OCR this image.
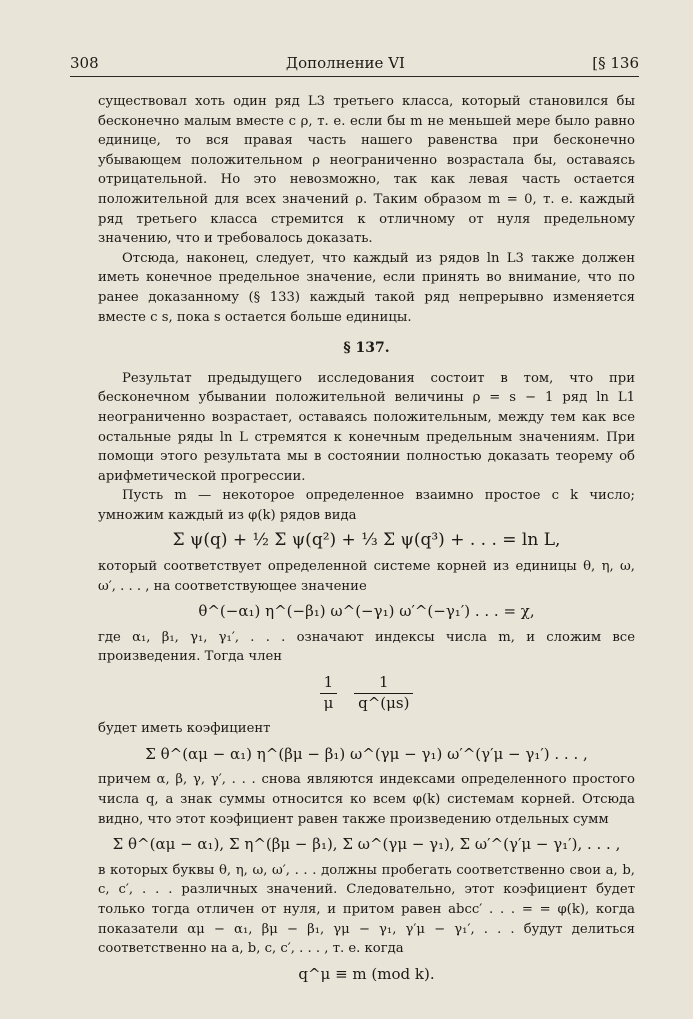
308	Дополнение VI	[§ 136

существовал хоть один ряд L3 третьего класса, который становился бы бесконечно малым вместе с ρ, т. е. если бы m не меньшей мере было равно единице, то вся правая часть нашего равенства при бесконечно убывающем положительном ρ неограниченно возрастала бы, оставаясь отрицательной. Но это невозможно, так как левая часть остается положительной для всех значений ρ. Таким образом m = 0, т. е. каждый ряд третьего класса стремится к отличному от нуля предельному значению, что и требовалось доказать.

Отсюда, наконец, следует, что каждый из рядов ln L3 также должен иметь конечное предельное значение, если принять во внимание, что по ранее доказанному (§ 133) каждый такой ряд непрерывно изменяется вместе с s, пока s остается больше единицы.

§ 137.

Результат предыдущего исследования состоит в том, что при бесконечном убывании положительной величины ρ = s − 1 ряд ln L1 неограниченно возрастает, оставаясь положительным, между тем как все остальные ряды ln L стремятся к конечным предельным значениям. При помощи этого результата мы в состоянии полностью доказать теорему об арифметической прогрессии.

Пусть m — некоторое определенное взаимно простое с k число; умножим каждый из φ(k) рядов вида

Σ ψ(q) + ½ Σ ψ(q²) + ⅓ Σ ψ(q³) + . . . = ln L,

который соответствует определенной системе корней из единицы θ, η, ω, ω′, . . . , на соответствующее значение

θ^(−α₁) η^(−β₁) ω^(−γ₁) ω′^(−γ₁′) . . . = χ,

где α₁, β₁, γ₁, γ₁′, . . . означают индексы числа m, и сложим все произведения. Тогда член

$\frac{1}{\mu}$
$\frac{1}{q\^{}(\mu s)}$

будет иметь коэфициент

Σ θ^(αμ − α₁) η^(βμ − β₁) ω^(γμ − γ₁) ω′^(γ′μ − γ₁′) . . . ,

причем α, β, γ, γ′, . . . снова являются индексами определенного простого числа q, а знак суммы относится ко всем φ(k) системам корней. Отсюда видно, что этот коэфициент равен также произведению отдельных сумм

Σ θ^(αμ − α₁), Σ η^(βμ − β₁), Σ ω^(γμ − γ₁), Σ ω′^(γ′μ − γ₁′), . . . ,

в которых буквы θ, η, ω, ω′, . . . должны пробегать соответственно свои a, b, c, c′, . . . различных значений. Следовательно, этот коэфициент будет только тогда отличен от нуля, и притом равен abcc′ . . . = = φ(k), когда показатели αμ − α₁, βμ − β₁, γμ − γ₁, γ′μ − γ₁′, . . . будут делиться соответственно на a, b, c, c′, . . . , т. е. когда

q^μ ≡ m (mod k).
